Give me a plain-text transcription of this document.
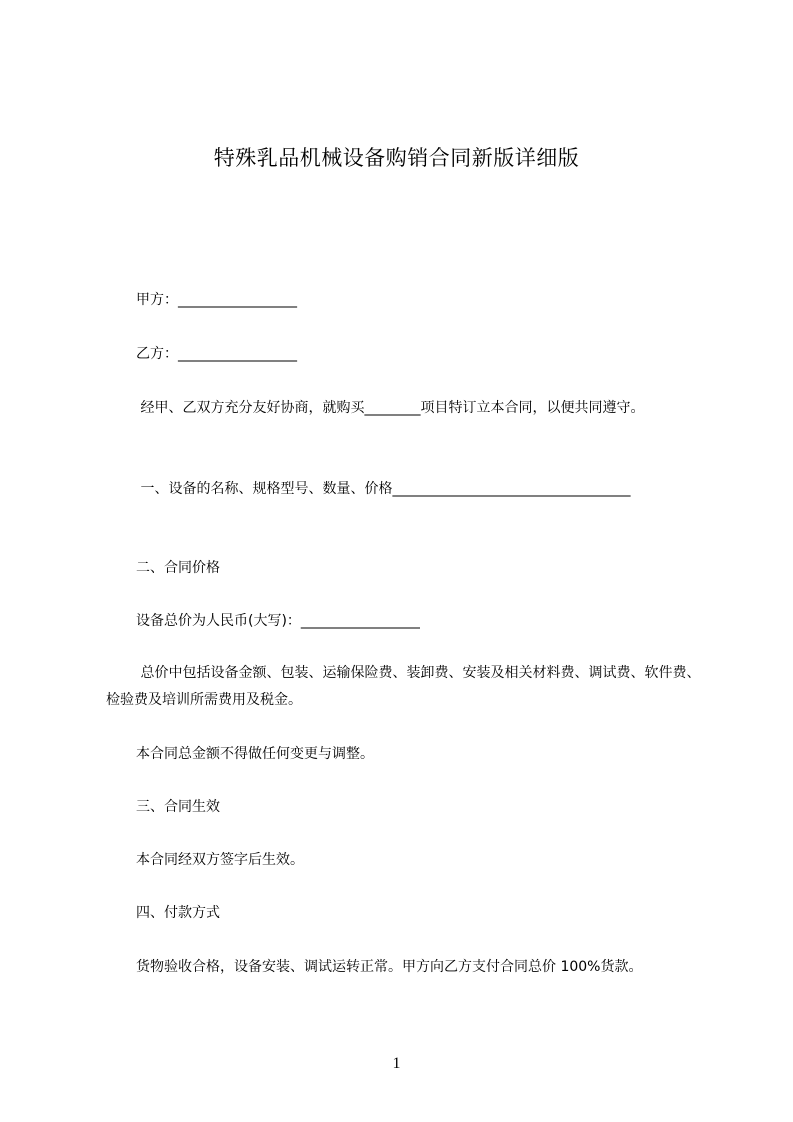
特殊乳品机械设备购销合同新版详细版

甲方：_________________

乙方：_________________

经甲、乙双方充分友好协商，就购买________项目特订立本合同，以便共同遵守。

一、设备的名称、规格型号、数量、价格__________________________________

二、合同价格

设备总价为人民币(大写)：_________________

总价中包括设备金额、包装、运输保险费、装卸费、安装及相关材料费、调试费、软件费、检验费及培训所需费用及税金。

本合同总金额不得做任何变更与调整。

三、合同生效

本合同经双方签字后生效。

四、付款方式

货物验收合格，设备安装、调试运转正常。甲方向乙方支付合同总价 100%货款。

1
